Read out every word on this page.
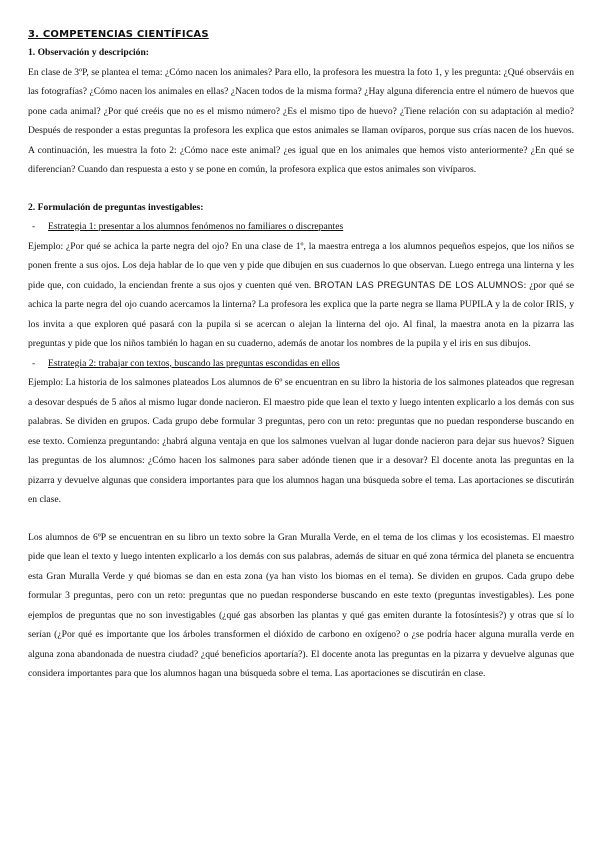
3. COMPETENCIAS CIENTÍFICAS
1. Observación y descripción:

En clase de 3ºP, se plantea el tema: ¿Cómo nacen los animales? Para ello, la profesora les muestra la foto 1, y les pregunta: ¿Qué observáis en las fotografías? ¿Cómo nacen los animales en ellas? ¿Nacen todos de la misma forma? ¿Hay alguna diferencia entre el número de huevos que pone cada animal? ¿Por qué creéis que no es el mismo número? ¿Es el mismo tipo de huevo? ¿Tiene relación con su adaptación al medio? Después de responder a estas preguntas la profesora les explica que estos animales se llaman ovíparos, porque sus crías nacen de los huevos. A continuación, les muestra la foto 2: ¿Cómo nace este animal? ¿es igual que en los animales que hemos visto anteriormente? ¿En qué se diferencian? Cuando dan respuesta a esto y se pone en común, la profesora explica que estos animales son vivíparos.

2. Formulación de preguntas investigables:
- Estrategia 1: presentar a los alumnos fenómenos no familiares o discrepantes

Ejemplo: ¿Por qué se achica la parte negra del ojo? En una clase de 1º, la maestra entrega a los alumnos pequeños espejos, que los niños se ponen frente a sus ojos. Los deja hablar de lo que ven y pide que dibujen en sus cuadernos lo que observan. Luego entrega una linterna y les pide que, con cuidado, la enciendan frente a sus ojos y cuenten qué ven. BROTAN LAS PREGUNTAS DE LOS ALUMNOS: ¿por qué se achica la parte negra del ojo cuando acercamos la linterna? La profesora les explica que la parte negra se llama PUPILA y la de color IRIS, y los invita a que exploren qué pasará con la pupila si se acercan o alejan la linterna del ojo. Al final, la maestra anota en la pizarra las preguntas y pide que los niños también lo hagan en su cuaderno, además de anotar los nombres de la pupila y el iris en sus dibujos.

- Estrategia 2: trabajar con textos, buscando las preguntas escondidas en ellos

Ejemplo: La historia de los salmones plateados Los alumnos de 6º se encuentran en su libro la historia de los salmones plateados que regresan a desovar después de 5 años al mismo lugar donde nacieron. El maestro pide que lean el texto y luego intenten explicarlo a los demás con sus palabras. Se dividen en grupos. Cada grupo debe formular 3 preguntas, pero con un reto: preguntas que no puedan responderse buscando en ese texto. Comienza preguntando: ¿habrá alguna ventaja en que los salmones vuelvan al lugar donde nacieron para dejar sus huevos? Siguen las preguntas de los alumnos: ¿Cómo hacen los salmones para saber adónde tienen que ir a desovar? El docente anota las preguntas en la pizarra y devuelve algunas que considera importantes para que los alumnos hagan una búsqueda sobre el tema. Las aportaciones se discutirán en clase.

Los alumnos de 6ºP se encuentran en su libro un texto sobre la Gran Muralla Verde, en el tema de los climas y los ecosistemas. El maestro pide que lean el texto y luego intenten explicarlo a los demás con sus palabras, además de situar en qué zona térmica del planeta se encuentra esta Gran Muralla Verde y qué biomas se dan en esta zona (ya han visto los biomas en el tema). Se dividen en grupos. Cada grupo debe formular 3 preguntas, pero con un reto: preguntas que no puedan responderse buscando en este texto (preguntas investigables). Les pone ejemplos de preguntas que no son investigables (¿qué gas absorben las plantas y qué gas emiten durante la fotosíntesis?) y otras que sí lo serían (¿Por qué es importante que los árboles transformen el dióxido de carbono en oxígeno? o ¿se podría hacer alguna muralla verde en alguna zona abandonada de nuestra ciudad? ¿qué beneficios aportaría?). El docente anota las preguntas en la pizarra y devuelve algunas que considera importantes para que los alumnos hagan una búsqueda sobre el tema. Las aportaciones se discutirán en clase.
